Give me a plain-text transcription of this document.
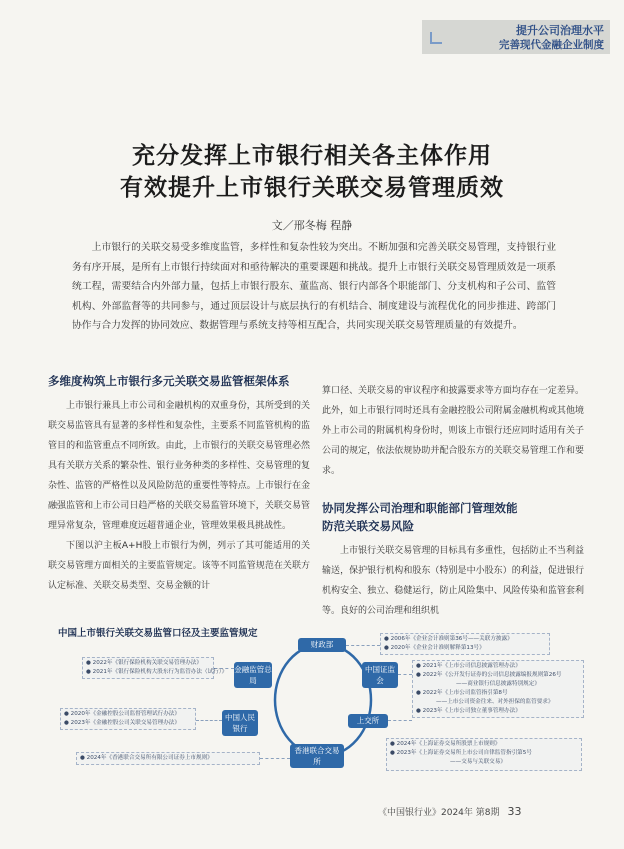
提升公司治理水平
完善现代金融企业制度
充分发挥上市银行相关各主体作用
有效提升上市银行关联交易管理质效
文／邢冬梅 程静
上市银行的关联交易受多维度监管，多样性和复杂性较为突出。不断加强和完善关联交易管理，支持银行业务有序开展，是所有上市银行持续面对和亟待解决的重要课题和挑战。提升上市银行关联交易管理质效是一项系统工程，需要结合内外部力量，包括上市银行股东、董监高、银行内部各个职能部门、分支机构和子公司、监管机构、外部监督等的共同参与，通过顶层设计与底层执行的有机结合、制度建设与流程优化的同步推进、跨部门协作与合力发挥的协同效应、数据管理与系统支持等相互配合，共同实现关联交易管理质量的有效提升。
多维度构筑上市银行多元关联交易监管框架体系

上市银行兼具上市公司和金融机构的双重身份，其所受到的关联交易监管具有显著的多样性和复杂性，主要系不同监管机构的监管目的和监管重点不同所致。由此，上市银行的关联交易管理必然具有关联方关系的繁杂性、银行业务种类的多样性、交易管理的复杂性、监管的严格性以及风险防范的重要性等特点。上市银行在金融强监管和上市公司日趋严格的关联交易监管环境下，关联交易管理异常复杂，管理难度远超普通企业，管理效果极具挑战性。

下图以沪主板A+H股上市银行为例，列示了其可能适用的关联交易管理方面相关的主要监管规定。该等不同监管规范在关联方认定标准、关联交易类型、交易金额的计

算口径、关联交易的审议程序和披露要求等方面均存在一定差异。此外，如上市银行同时还具有金融控股公司附属金融机构或其他境外上市公司的附属机构身份时，则该上市银行还应同时适用有关子公司的规定，依法依规协助并配合股东方的关联交易管理工作和要求。

协同发挥公司治理和职能部门管理效能
防范关联交易风险

上市银行关联交易管理的目标具有多重性，包括防止不当利益输送，保护银行机构和股东（特别是中小股东）的利益，促进银行机构安全、独立、稳健运行，防止风险集中、风险传染和监管套利等。良好的公司治理和组织机

中国上市银行关联交易监管口径及主要监管规定
财政部
中国证监会
上交所
香港联合交易所
中国人民银行
金融监管总局
● 2006年《企业会计准则第36号——关联方披露》
● 2020年《企业会计准则解释第13号》
● 2022年《银行保险机构关联交易管理办法》
● 2021年《银行保险机构大股东行为监管办法（试行）》
● 2020年《金融控股公司监督管理试行办法》
● 2023年《金融控股公司关联交易管理办法》
● 2024年《香港联合交易所有限公司证券上市规则》
● 2021年《上市公司信息披露管理办法》
● 2022年《公开发行证券的公司信息披露编报规则第26号
——商业银行信息披露特别规定》
● 2022年《上市公司监管指引第8号
——上市公司资金往来、对外担保的监管要求》
● 2023年《上市公司独立董事管理办法》
● 2024年《上海证券交易所股票上市规则》
● 2023年《上海证券交易所上市公司自律监管指引第5号
——交易与关联交易》
《中国银行业》2024年 第8期 33
